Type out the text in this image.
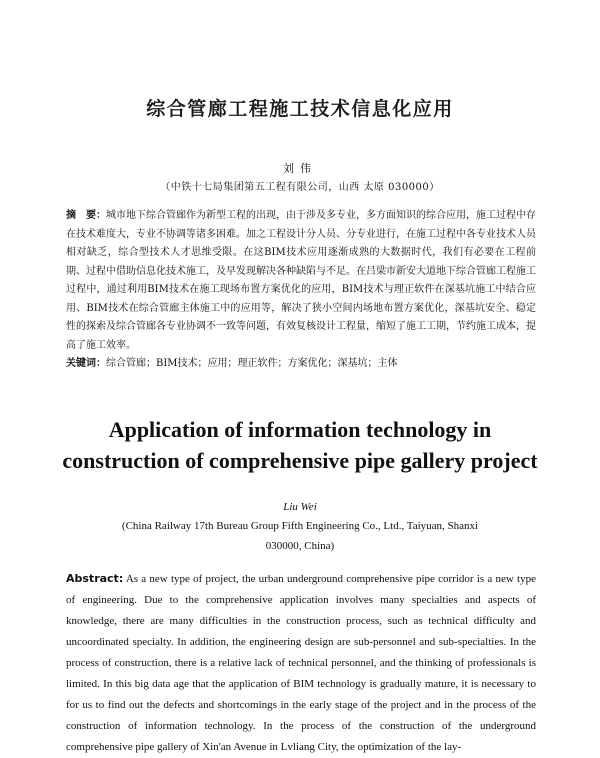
综合管廊工程施工技术信息化应用
刘伟
（中铁十七局集团第五工程有限公司，山西 太原 030000）
摘　要：城市地下综合管廊作为新型工程的出现，由于涉及多专业，多方面知识的综合应用，施工过程中存在技术难度大，专业不协调等诸多困难。加之工程设计分人员、分专业进行，在施工过程中各专业技术人员相对缺乏，综合型技术人才思维受限。在这BIM技术应用逐渐成熟的大数据时代，我们有必要在工程前期、过程中借助信息化技术施工，及早发现解决各种缺陷与不足。在吕梁市新安大道地下综合管廊工程施工过程中，通过利用BIM技术在施工现场布置方案优化的应用，BIM技术与理正软件在深基坑施工中结合应用、BIM技术在综合管廊主体施工中的应用等，解决了狭小空间内场地布置方案优化，深基坑安全、稳定性的探索及综合管廊各专业协调不一致等问题，有效复核设计工程量，缩短了施工工期，节约施工成本，提高了施工效率。
关键词：综合管廊；BIM技术；应用；理正软件；方案优化；深基坑；主体
Application of information technology in
construction of comprehensive pipe gallery project
Liu Wei
(China Railway 17th Bureau Group Fifth Engineering Co., Ltd., Taiyuan, Shanxi 030000, China)
Abstract: As a new type of project, the urban underground comprehensive pipe corridor is a new type of engineering. Due to the comprehensive application involves many specialties and aspects of knowledge, there are many difficulties in the construction process, such as technical difficulty and uncoordinated specialty. In addition, the engineering design are sub-personnel and sub-specialties. In the process of construction, there is a relative lack of technical personnel, and the thinking of professionals is limited. In this big data age that the application of BIM technology is gradually mature, it is necessary to for us to find out the defects and shortcomings in the early stage of the project and in the process of the construction of information technology. In the process of the construction of the underground comprehensive pipe gallery of Xin'an Avenue in Lvliang City, the optimization of the lay-
